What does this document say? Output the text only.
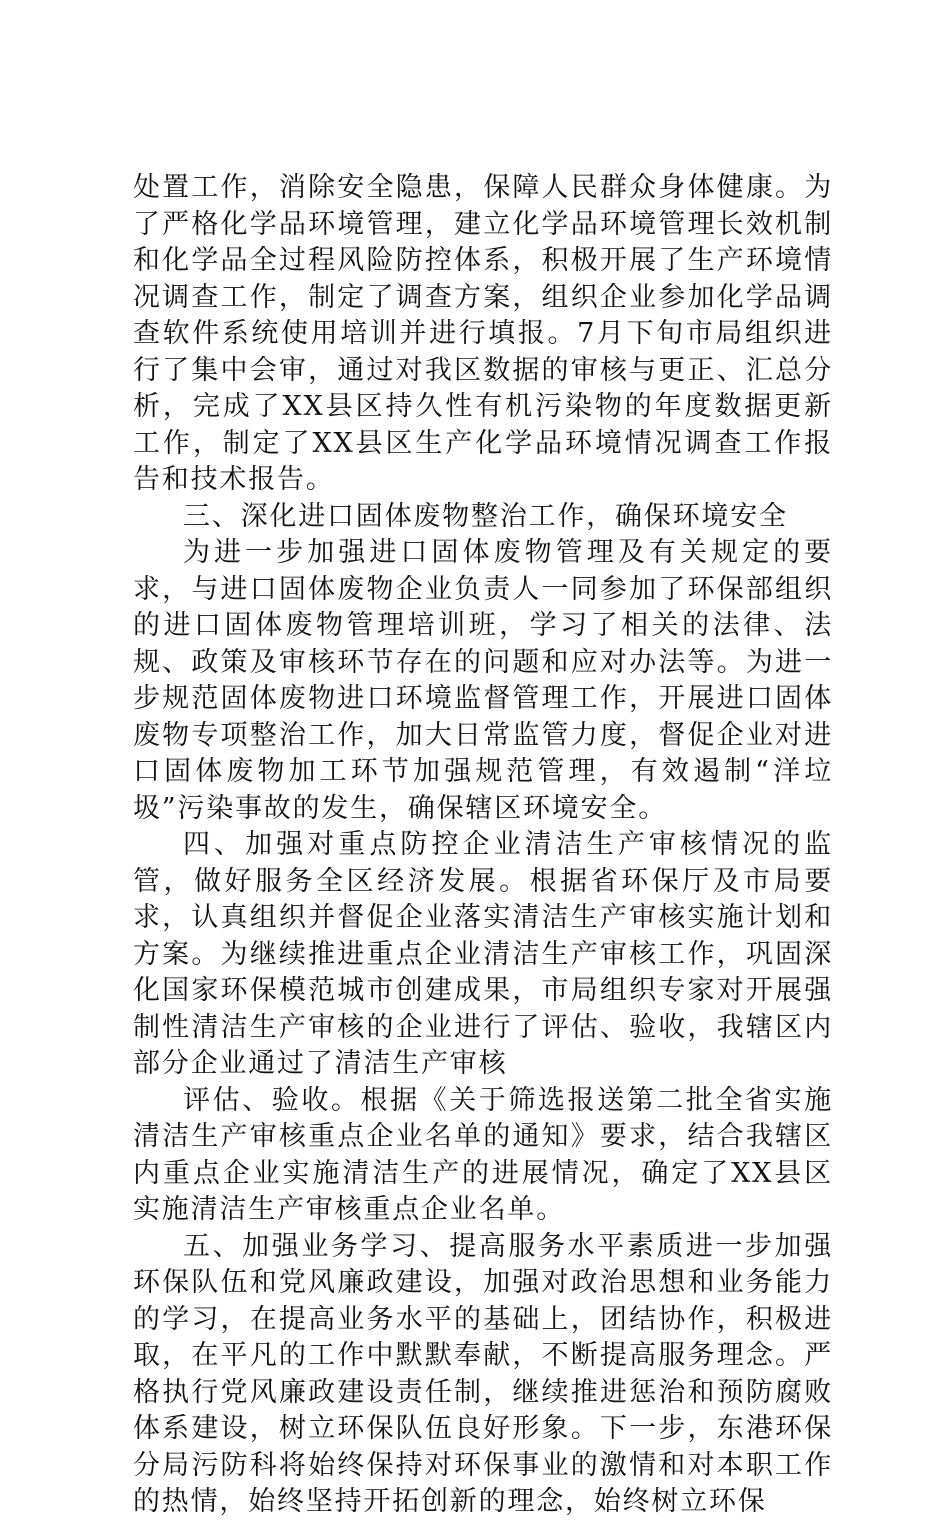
处置工作，消除安全隐患，保障人民群众身体健康。为了严格化学品环境管理，建立化学品环境管理长效机制和化学品全过程风险防控体系，积极开展了生产环境情况调查工作，制定了调查方案，组织企业参加化学品调查软件系统使用培训并进行填报。7月下旬市局组织进行了集中会审，通过对我区数据的审核与更正、汇总分析，完成了XX县区持久性有机污染物的年度数据更新工作，制定了XX县区生产化学品环境情况调查工作报告和技术报告。

三、深化进口固体废物整治工作，确保环境安全

为进一步加强进口固体废物管理及有关规定的要求，与进口固体废物企业负责人一同参加了环保部组织的进口固体废物管理培训班，学习了相关的法律、法规、政策及审核环节存在的问题和应对办法等。为进一步规范固体废物进口环境监督管理工作，开展进口固体废物专项整治工作，加大日常监管力度，督促企业对进口固体废物加工环节加强规范管理，有效遏制“洋垃圾”污染事故的发生，确保辖区环境安全。

四、加强对重点防控企业清洁生产审核情况的监管，做好服务全区经济发展。根据省环保厅及市局要求，认真组织并督促企业落实清洁生产审核实施计划和方案。为继续推进重点企业清洁生产审核工作，巩固深化国家环保模范城市创建成果，市局组织专家对开展强制性清洁生产审核的企业进行了评估、验收，我辖区内部分企业通过了清洁生产审核

评估、验收。根据《关于筛选报送第二批全省实施清洁生产审核重点企业名单的通知》要求，结合我辖区内重点企业实施清洁生产的进展情况，确定了XX县区实施清洁生产审核重点企业名单。

五、加强业务学习、提高服务水平素质进一步加强环保队伍和党风廉政建设，加强对政治思想和业务能力的学习，在提高业务水平的基础上，团结协作，积极进取，在平凡的工作中默默奉献，不断提高服务理念。严格执行党风廉政建设责任制，继续推进惩治和预防腐败体系建设，树立环保队伍良好形象。下一步，东港环保分局污防科将始终保持对环保事业的激情和对本职工作的热情，始终坚持开拓创新的理念，始终树立环保
